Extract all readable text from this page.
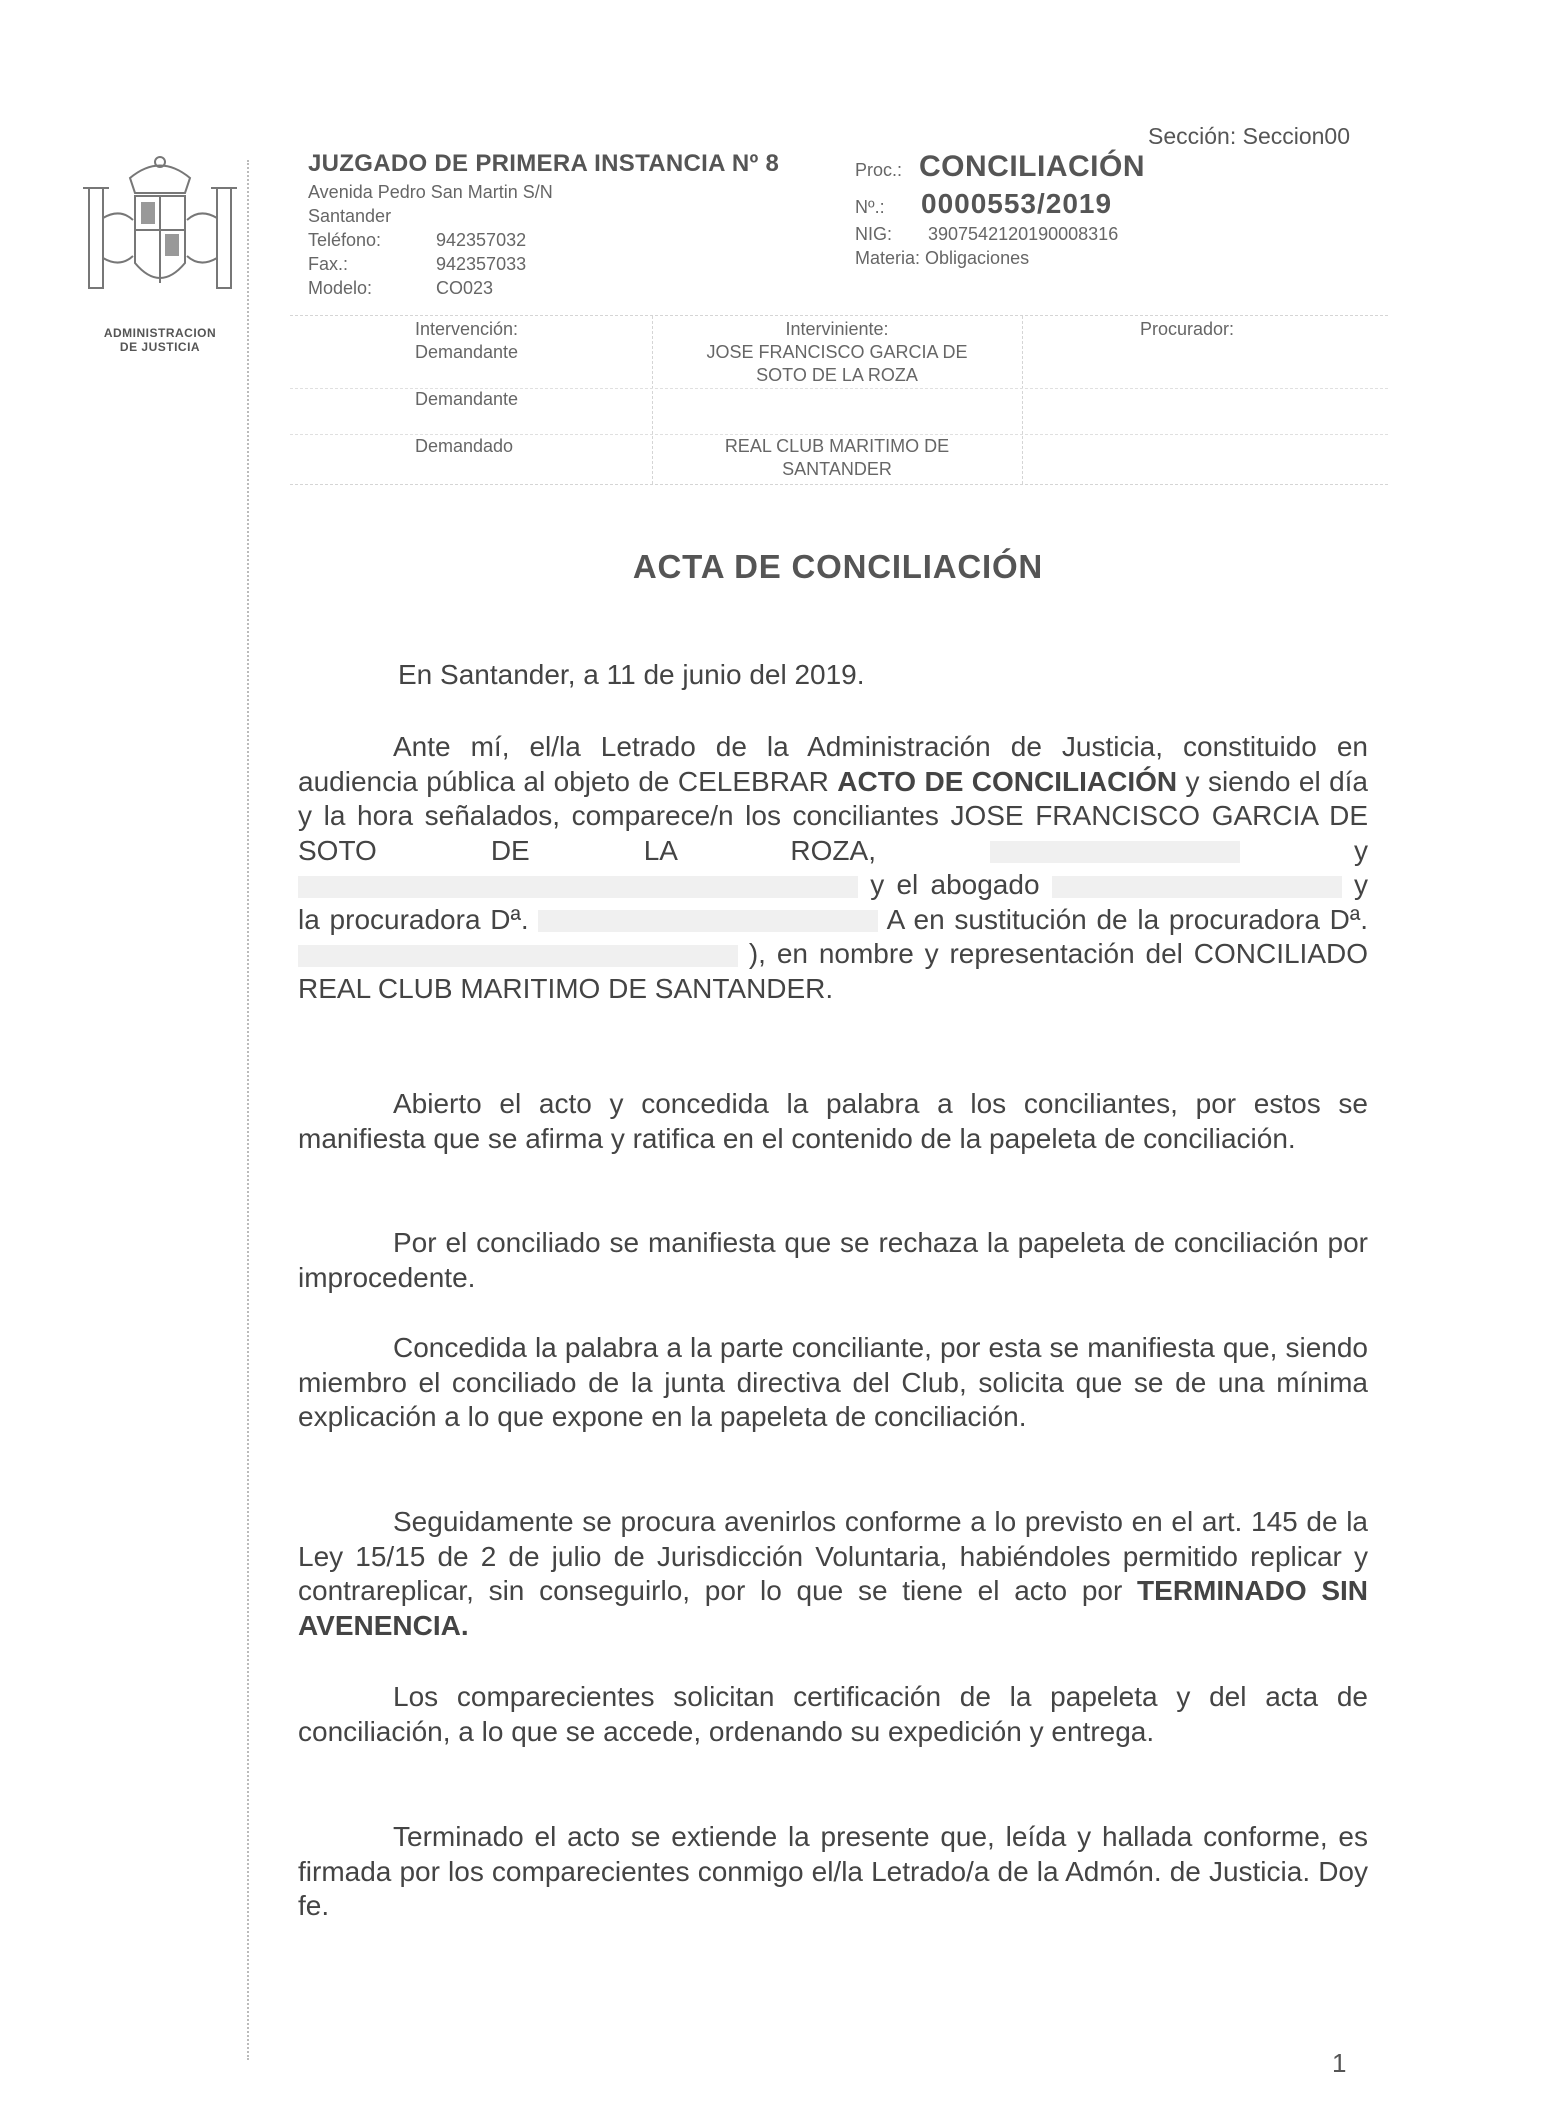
ADMINISTRACION
DE JUSTICIA
Sección: Seccion00
JUZGADO DE PRIMERA INSTANCIA Nº 8
Avenida Pedro San Martin S/N
Santander
Teléfono:	942357032
Fax.:	942357033
Modelo:	CO023
Proc.: CONCILIACIÓN
Nº.: 0000553/2019
NIG: 3907542120190008316
Materia: Obligaciones
Intervención:	Interviniente:	Procurador:
Demandante	JOSE FRANCISCO GARCIA DE
SOTO DE LA ROZA
Demandante
Demandado	REAL CLUB MARITIMO DE
SANTANDER
ACTA DE CONCILIACIÓN
En Santander, a 11 de junio del 2019.
Ante mí, el/la Letrado de la Administración de Justicia, constituido en audiencia pública al objeto de CELEBRAR ACTO DE CONCILIACIÓN y siendo el día y la hora señalados, comparece/n los conciliantes JOSE FRANCISCO GARCIA DE SOTO DE LA ROZA,	y  y el abogado	y la procuradora Dª.	A en sustitución de la procuradora Dª.  ), en nombre y representación del CONCILIADO REAL CLUB MARITIMO DE SANTANDER.
Abierto el acto y concedida la palabra a los conciliantes, por estos se manifiesta que se afirma y ratifica en el contenido de la papeleta de conciliación.
Por el conciliado se manifiesta que se rechaza la papeleta de conciliación por improcedente.
Concedida la palabra a la parte conciliante, por esta se manifiesta que, siendo miembro el conciliado de la junta directiva del Club, solicita que se de una mínima explicación a lo que expone en la papeleta de conciliación.
Seguidamente se procura avenirlos conforme a lo previsto en el art. 145 de la Ley 15/15 de 2 de julio de Jurisdicción Voluntaria, habiéndoles permitido replicar y contrareplicar, sin conseguirlo, por lo que se tiene el acto por TERMINADO SIN AVENENCIA.
Los comparecientes solicitan certificación de la papeleta y del acta de conciliación, a lo que se accede, ordenando su expedición y entrega.
Terminado el acto se extiende la presente que, leída y hallada conforme, es firmada por los comparecientes conmigo el/la Letrado/a de la Admón. de Justicia. Doy fe.
1
